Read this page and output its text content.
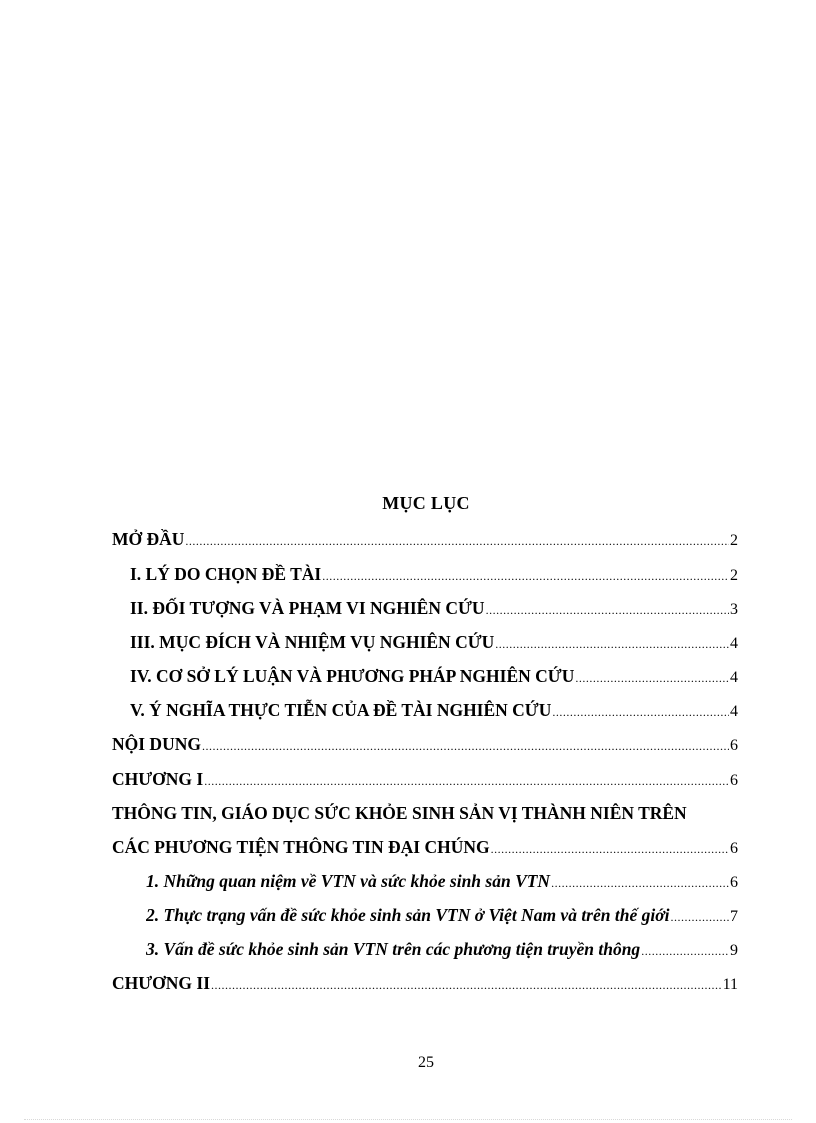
MỤC LỤC
MỞ ĐẦU .....	2
I. LÝ DO CHỌN ĐỀ TÀI .....	2
II. ĐỐI TƯỢNG VÀ PHẠM VI NGHIÊN CỨU .....	3
III. MỤC ĐÍCH VÀ NHIỆM VỤ NGHIÊN CỨU .....	4
IV. CƠ SỞ LÝ LUẬN VÀ PHƯƠNG PHÁP NGHIÊN CỨU .....	4
V. Ý NGHĨA THỰC TIỄN CỦA ĐỀ TÀI NGHIÊN CỨU .....	4
NỘI DUNG .....	6
CHƯƠNG I .....	6
THÔNG TIN, GIÁO DỤC SỨC KHỎE SINH SẢN VỊ THÀNH NIÊN TRÊN
CÁC PHƯƠNG TIỆN THÔNG TIN ĐẠI CHÚNG .....	6
1. Những quan niệm về VTN và sức khỏe sinh sản VTN .....	6
2. Thực trạng vấn đề sức khỏe sinh sản VTN ở Việt Nam và trên thế giới .....	7
3. Vấn đề sức khỏe sinh sản VTN trên các phương tiện truyền thông .....	9
CHƯƠNG II .....	11
25
